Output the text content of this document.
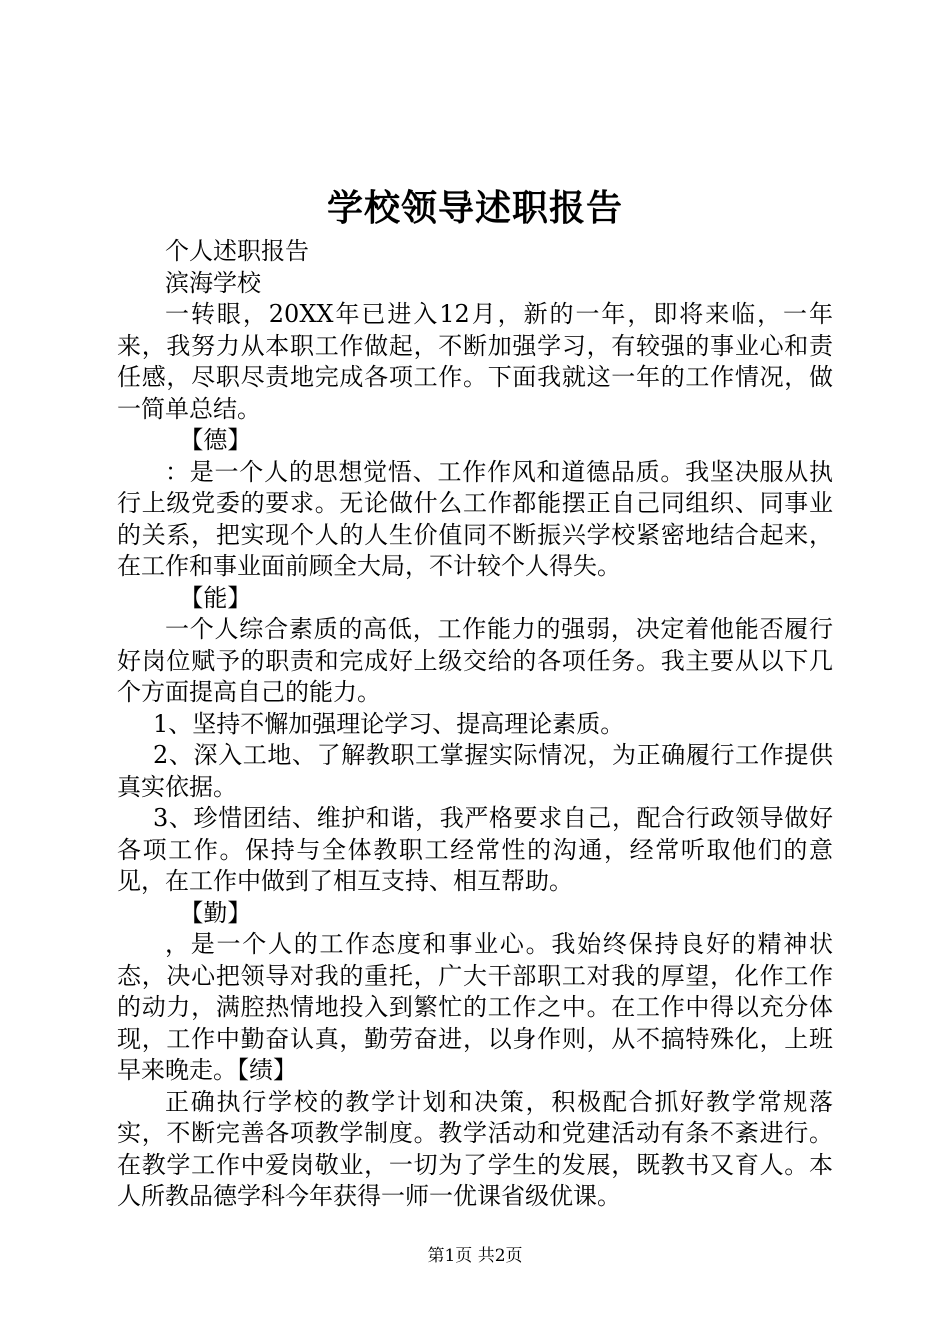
学校领导述职报告

个人述职报告

滨海学校

一转眼，20XX年已进入12月，新的一年，即将来临，一年来，我努力从本职工作做起，不断加强学习，有较强的事业心和责任感，尽职尽责地完成各项工作。下面我就这一年的工作情况，做一简单总结。

【德】

：是一个人的思想觉悟、工作作风和道德品质。我坚决服从执行上级党委的要求。无论做什么工作都能摆正自己同组织、同事业的关系，把实现个人的人生价值同不断振兴学校紧密地结合起来，在工作和事业面前顾全大局，不计较个人得失。

【能】

一个人综合素质的高低，工作能力的强弱，决定着他能否履行好岗位赋予的职责和完成好上级交给的各项任务。我主要从以下几个方面提高自己的能力。

1、坚持不懈加强理论学习、提高理论素质。

2、深入工地、了解教职工掌握实际情况，为正确履行工作提供真实依据。

3、珍惜团结、维护和谐，我严格要求自己，配合行政领导做好各项工作。保持与全体教职工经常性的沟通，经常听取他们的意见，在工作中做到了相互支持、相互帮助。

【勤】

，是一个人的工作态度和事业心。我始终保持良好的精神状态，决心把领导对我的重托，广大干部职工对我的厚望，化作工作的动力，满腔热情地投入到繁忙的工作之中。在工作中得以充分体现，工作中勤奋认真，勤劳奋进，以身作则，从不搞特殊化，上班早来晚走。【绩】

正确执行学校的教学计划和决策，积极配合抓好教学常规落实，不断完善各项教学制度。教学活动和党建活动有条不紊进行。在教学工作中爱岗敬业，一切为了学生的发展，既教书又育人。本人所教品德学科今年获得一师一优课省级优课。

第1页 共2页
